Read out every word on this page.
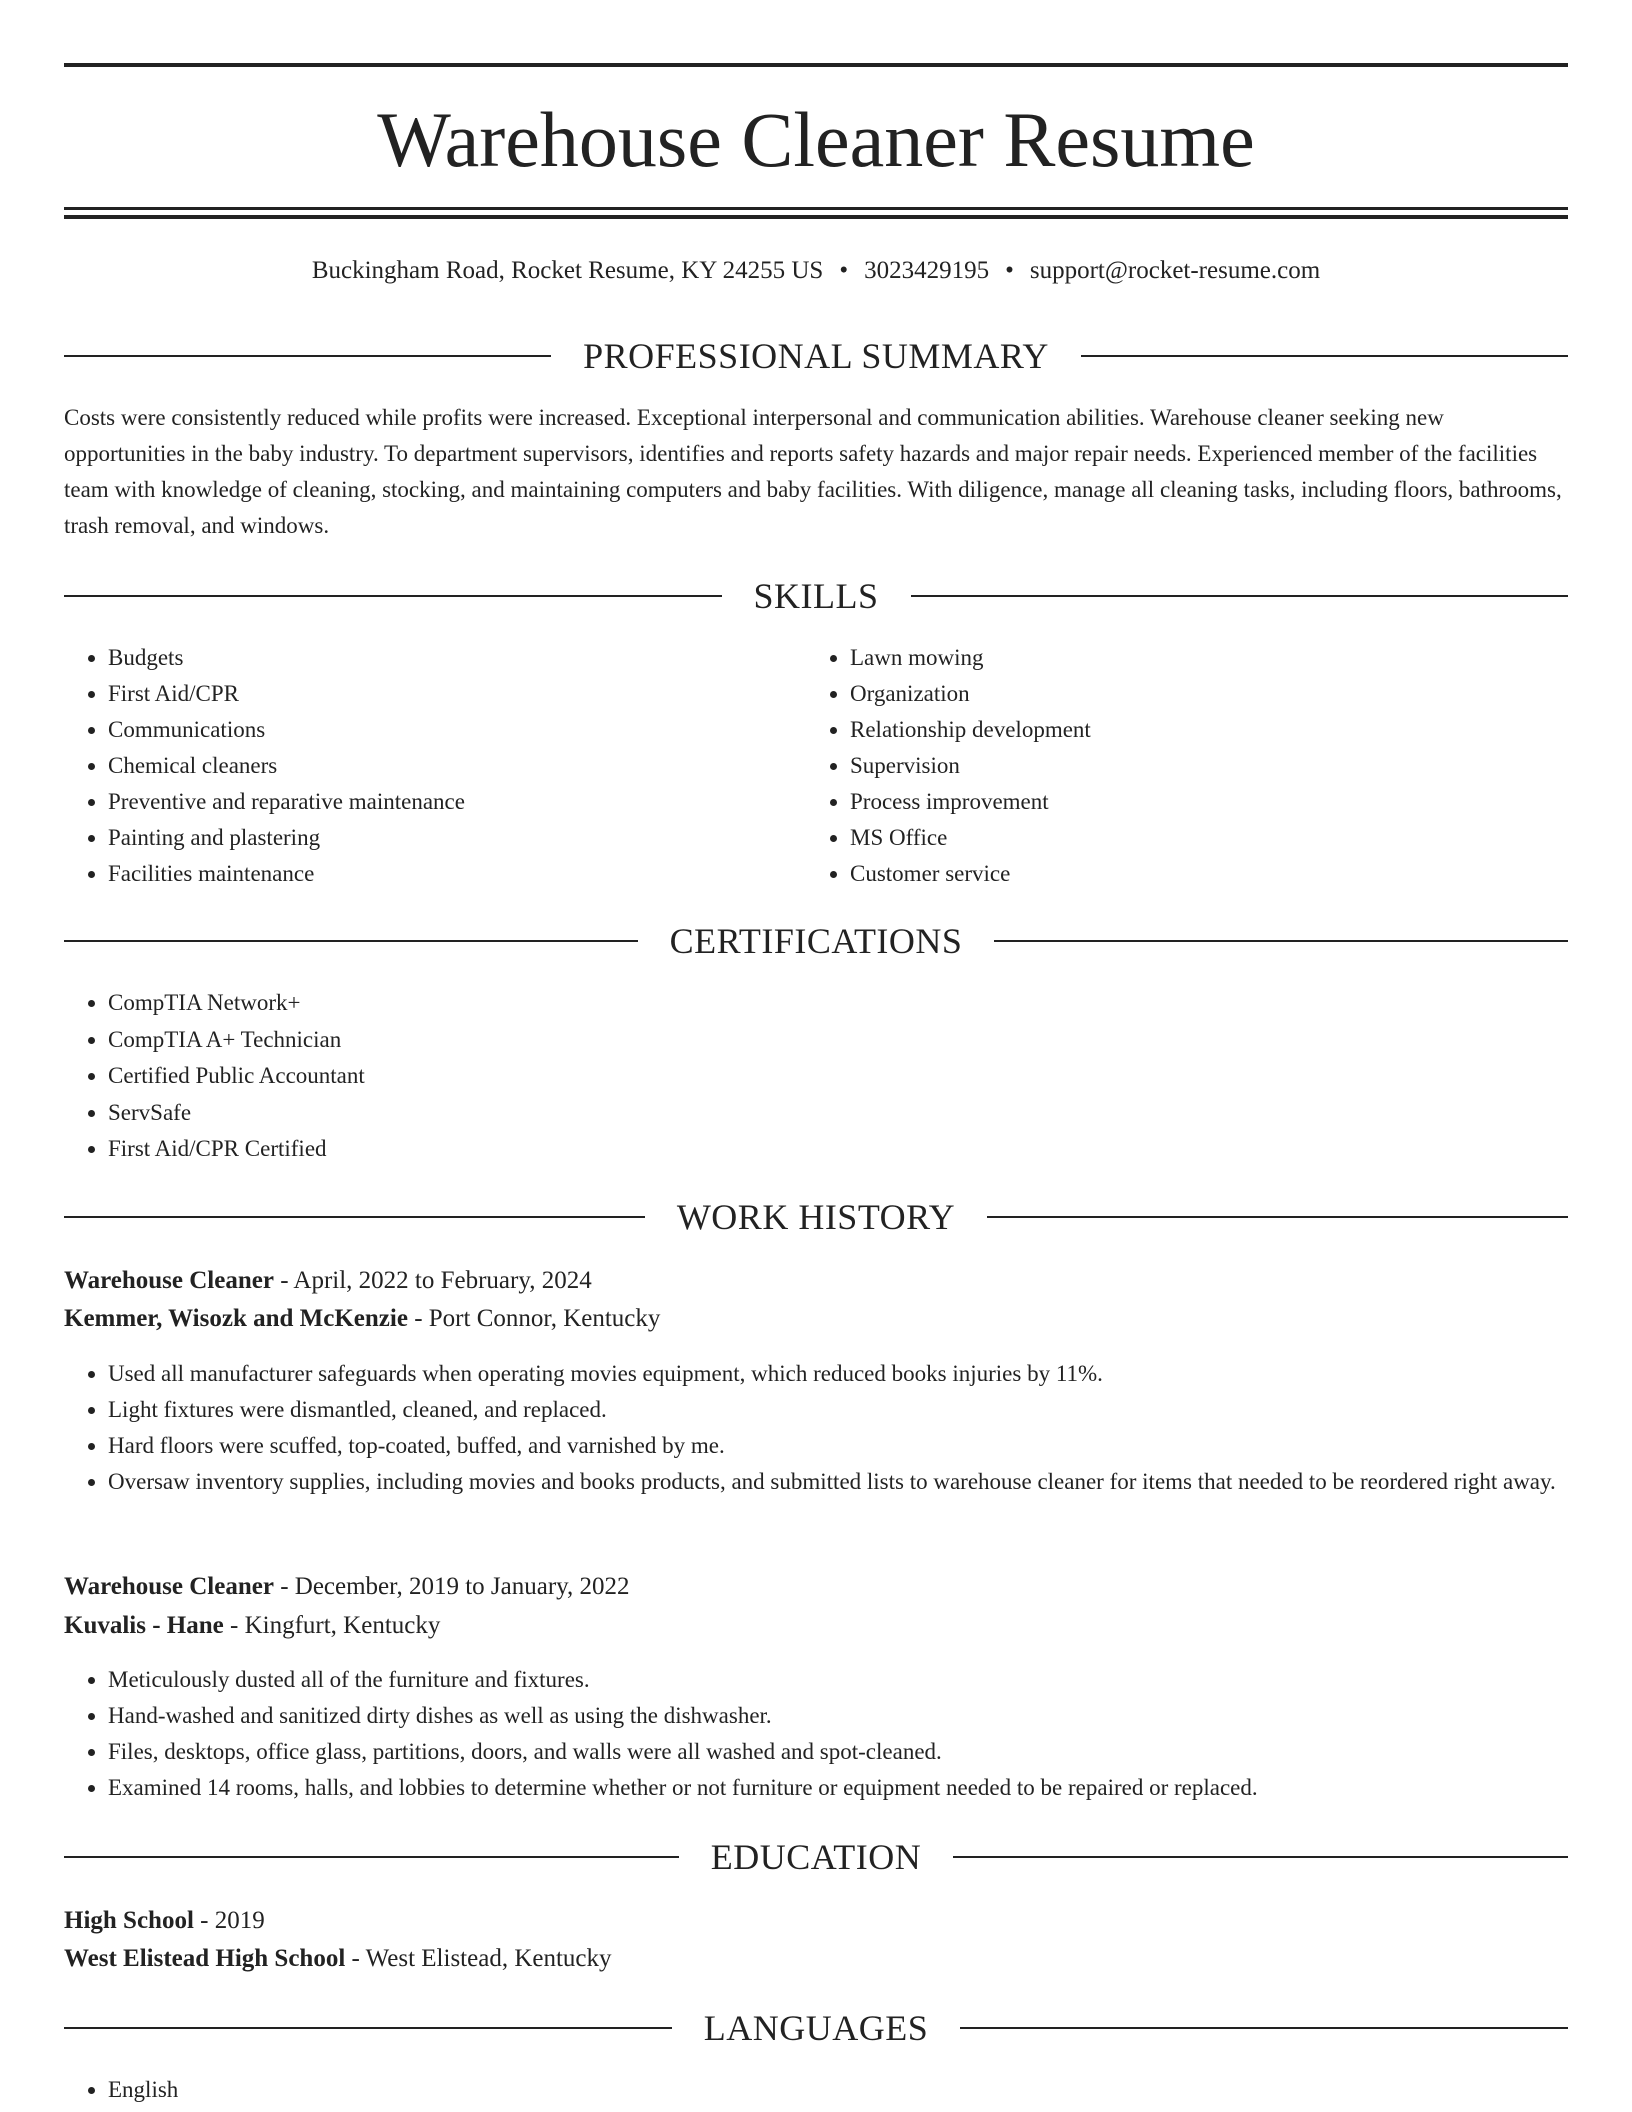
Warehouse Cleaner Resume
Buckingham Road, Rocket Resume, KY 24255 US • 3023429195 • support@rocket-resume.com
PROFESSIONAL SUMMARY

Costs were consistently reduced while profits were increased. Exceptional interpersonal and communication abilities. Warehouse cleaner seeking new opportunities in the baby industry. To department supervisors, identifies and reports safety hazards and major repair needs. Experienced member of the facilities team with knowledge of cleaning, stocking, and maintaining computers and baby facilities. With diligence, manage all cleaning tasks, including floors, bathrooms, trash removal, and windows.

SKILLS
• Budgets
• First Aid/CPR
• Communications
• Chemical cleaners
• Preventive and reparative maintenance
• Painting and plastering
• Facilities maintenance
• Lawn mowing
• Organization
• Relationship development
• Supervision
• Process improvement
• MS Office
• Customer service
CERTIFICATIONS
• CompTIA Network+
• CompTIA A+ Technician
• Certified Public Accountant
• ServSafe
• First Aid/CPR Certified
WORK HISTORY
Warehouse Cleaner - April, 2022 to February, 2024
Kemmer, Wisozk and McKenzie - Port Connor, Kentucky
• Used all manufacturer safeguards when operating movies equipment, which reduced books injuries by 11%.
• Light fixtures were dismantled, cleaned, and replaced.
• Hard floors were scuffed, top-coated, buffed, and varnished by me.
• Oversaw inventory supplies, including movies and books products, and submitted lists to warehouse cleaner for items that needed to be reordered right away.
Warehouse Cleaner - December, 2019 to January, 2022
Kuvalis - Hane - Kingfurt, Kentucky
• Meticulously dusted all of the furniture and fixtures.
• Hand-washed and sanitized dirty dishes as well as using the dishwasher.
• Files, desktops, office glass, partitions, doors, and walls were all washed and spot-cleaned.
• Examined 14 rooms, halls, and lobbies to determine whether or not furniture or equipment needed to be repaired or replaced.
EDUCATION
High School - 2019
West Elistead High School - West Elistead, Kentucky
LANGUAGES
• English
